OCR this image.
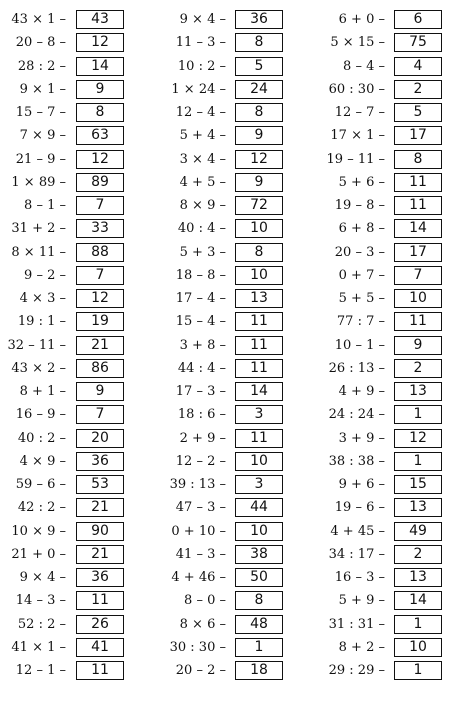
43 × 1 –	43
20 – 8 –	12
28 : 2 –	14
9 × 1 –	9
15 – 7 –	8
7 × 9 –	63
21 – 9 –	12
1 × 89 –	89
8 – 1 –	7
31 + 2 –	33
8 × 11 –	88
9 – 2 –	7
4 × 3 –	12
19 : 1 –	19
32 – 11 –	21
43 × 2 –	86
8 + 1 –	9
16 – 9 –	7
40 : 2 –	20
4 × 9 –	36
59 – 6 –	53
42 : 2 –	21
10 × 9 –	90
21 + 0 –	21
9 × 4 –	36
14 – 3 –	11
52 : 2 –	26
41 × 1 –	41
12 – 1 –	11
9 × 4 –	36
11 – 3 –	8
10 : 2 –	5
1 × 24 –	24
12 – 4 –	8
5 + 4 –	9
3 × 4 –	12
4 + 5 –	9
8 × 9 –	72
40 : 4 –	10
5 + 3 –	8
18 – 8 –	10
17 – 4 –	13
15 – 4 –	11
3 + 8 –	11
44 : 4 –	11
17 – 3 –	14
18 : 6 –	3
2 + 9 –	11
12 – 2 –	10
39 : 13 –	3
47 – 3 –	44
0 + 10 –	10
41 – 3 –	38
4 + 46 –	50
8 – 0 –	8
8 × 6 –	48
30 : 30 –	1
20 – 2 –	18
6 + 0 –	6
5 × 15 –	75
8 – 4 –	4
60 : 30 –	2
12 – 7 –	5
17 × 1 –	17
19 – 11 –	8
5 + 6 –	11
19 – 8 –	11
6 + 8 –	14
20 – 3 –	17
0 + 7 –	7
5 + 5 –	10
77 : 7 –	11
10 – 1 –	9
26 : 13 –	2
4 + 9 –	13
24 : 24 –	1
3 + 9 –	12
38 : 38 –	1
9 + 6 –	15
19 – 6 –	13
4 + 45 –	49
34 : 17 –	2
16 – 3 –	13
5 + 9 –	14
31 : 31 –	1
8 + 2 –	10
29 : 29 –	1
